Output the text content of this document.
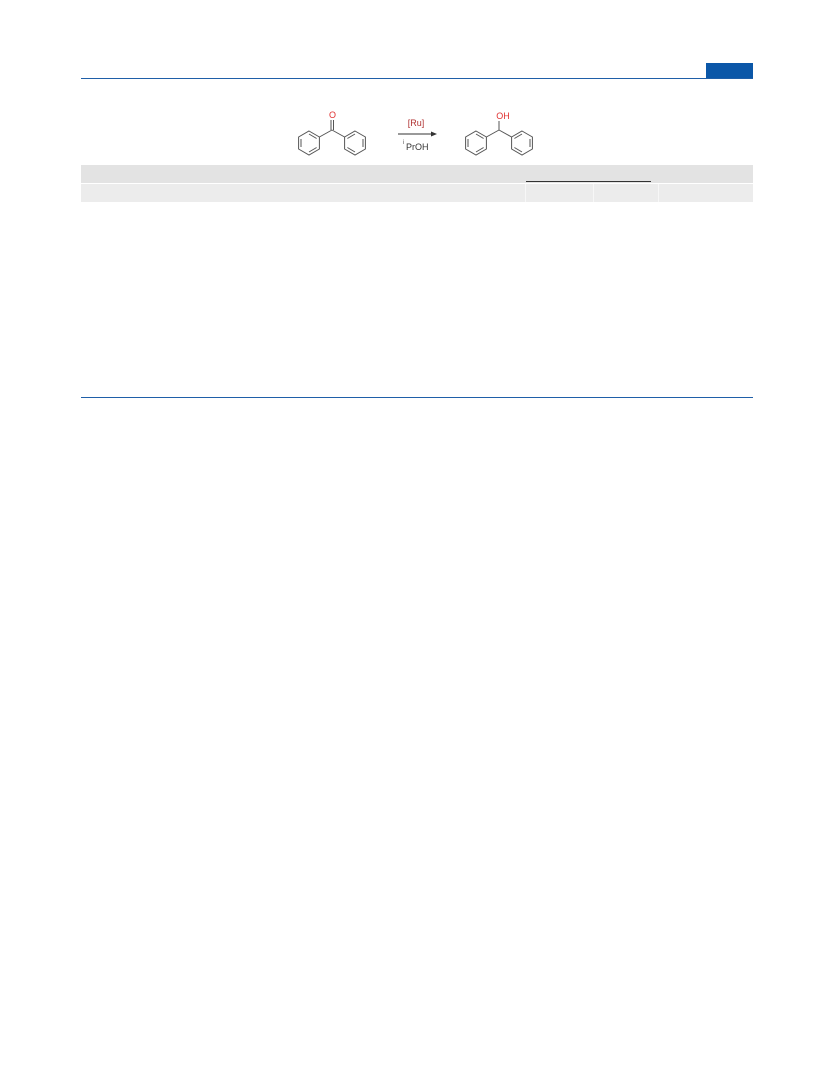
O
[Ru]
i PrOH
OH
